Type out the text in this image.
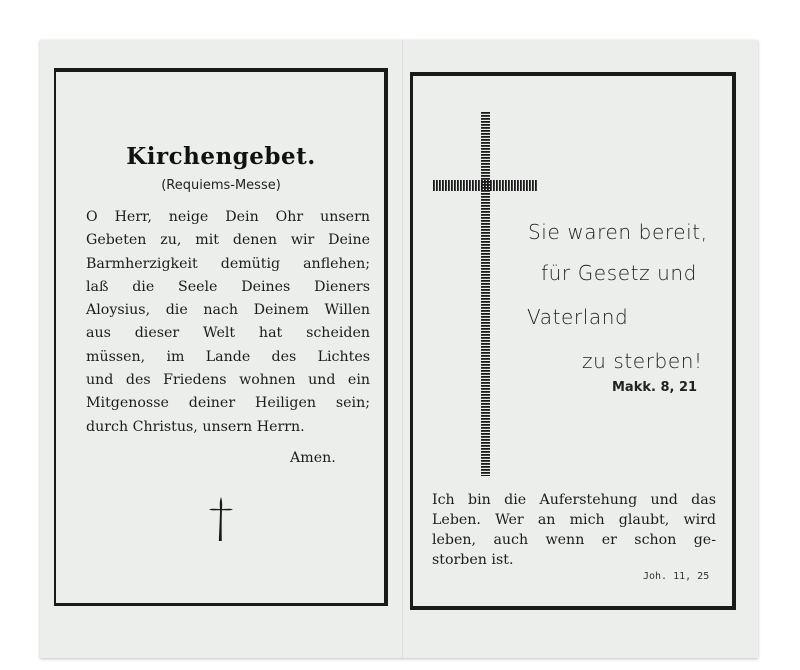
Kirchengebet.
(Requiems-Messe)
O Herr, neige Dein Ohr unsern
Gebeten zu, mit denen wir Deine
Barmherzigkeit demütig anflehen;
laß die Seele Deines Dieners
Aloysius, die nach Deinem Willen
aus dieser Welt hat scheiden
müssen, im Lande des Lichtes
und des Friedens wohnen und ein
Mitgenosse deiner Heiligen sein;
durch Christus, unsern Herrn.
Amen.
Sie waren bereit,
für Gesetz und
Vaterland
zu sterben!
Makk. 8, 21
Ich bin die Auferstehung und das
Leben. Wer an mich glaubt, wird
leben, auch wenn er schon ge-
storben ist.
Joh. 11, 25
